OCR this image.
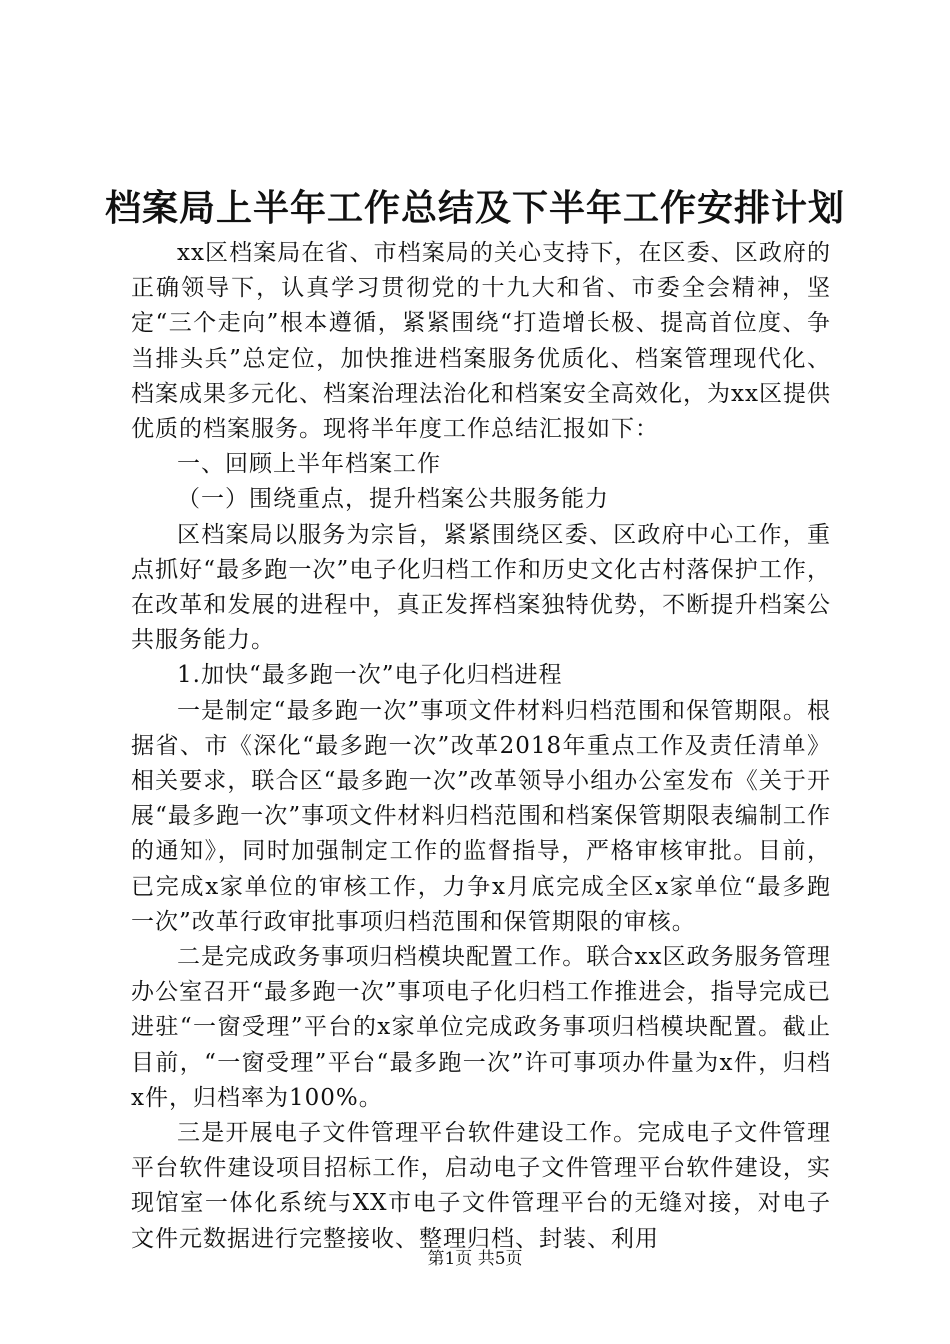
档案局上半年工作总结及下半年工作安排计划

xx区档案局在省、市档案局的关心支持下，在区委、区政府的正确领导下，认真学习贯彻党的十九大和省、市委全会精神，坚定“三个走向”根本遵循，紧紧围绕“打造增长极、提高首位度、争当排头兵”总定位，加快推进档案服务优质化、档案管理现代化、档案成果多元化、档案治理法治化和档案安全高效化，为xx区提供优质的档案服务。现将半年度工作总结汇报如下：

一、回顾上半年档案工作

（一）围绕重点，提升档案公共服务能力

区档案局以服务为宗旨，紧紧围绕区委、区政府中心工作，重点抓好“最多跑一次”电子化归档工作和历史文化古村落保护工作，在改革和发展的进程中，真正发挥档案独特优势，不断提升档案公共服务能力。

1.加快“最多跑一次”电子化归档进程

一是制定“最多跑一次”事项文件材料归档范围和保管期限。根据省、市《深化“最多跑一次”改革2018年重点工作及责任清单》相关要求，联合区“最多跑一次”改革领导小组办公室发布《关于开展“最多跑一次”事项文件材料归档范围和档案保管期限表编制工作的通知》，同时加强制定工作的监督指导，严格审核审批。目前，已完成x家单位的审核工作，力争x月底完成全区x家单位“最多跑一次”改革行政审批事项归档范围和保管期限的审核。

二是完成政务事项归档模块配置工作。联合xx区政务服务管理办公室召开“最多跑一次”事项电子化归档工作推进会，指导完成已进驻“一窗受理”平台的x家单位完成政务事项归档模块配置。截止目前，“一窗受理”平台“最多跑一次”许可事项办件量为x件，归档x件，归档率为100%。

三是开展电子文件管理平台软件建设工作。完成电子文件管理平台软件建设项目招标工作，启动电子文件管理平台软件建设，实现馆室一体化系统与XX市电子文件管理平台的无缝对接，对电子文件元数据进行完整接收、整理归档、封装、利用

第1页 共5页
